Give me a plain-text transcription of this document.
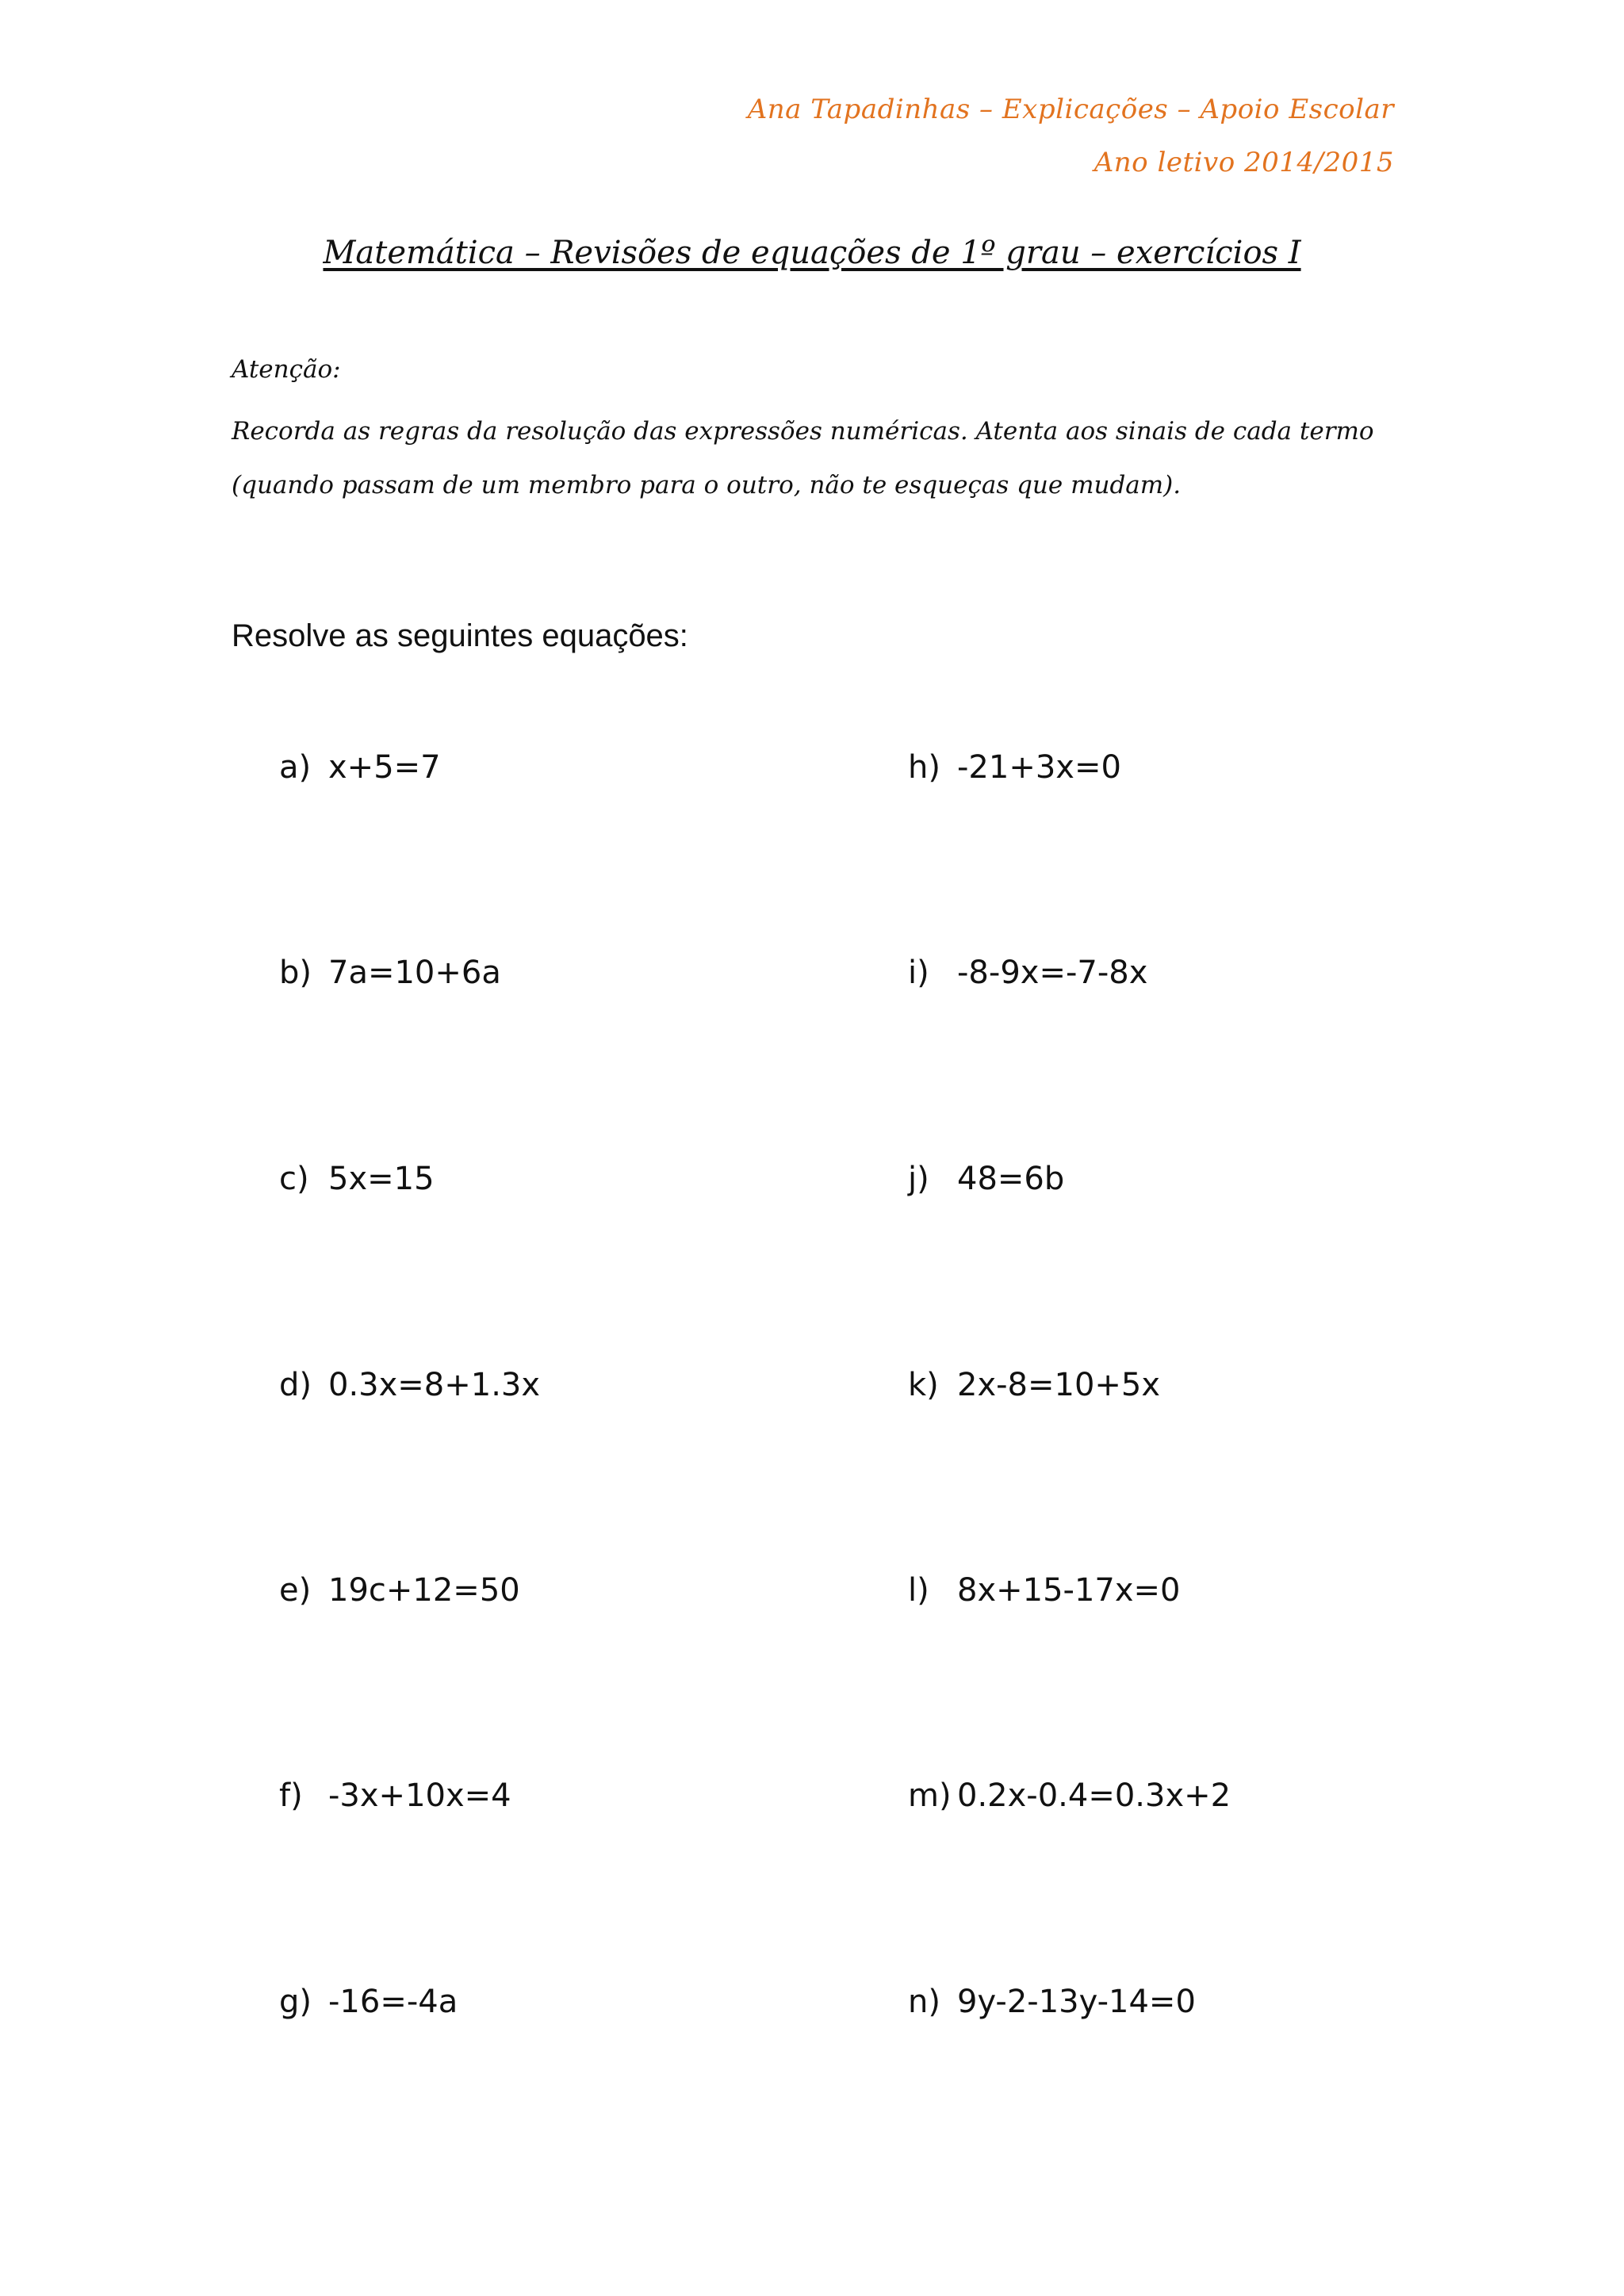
Ana Tapadinhas – Explicações – Apoio Escolar
Ano letivo 2014/2015
Matemática – Revisões de equações de 1º grau – exercícios I
Atenção:
Recorda as regras da resolução das expressões numéricas. Atenta aos sinais de cada termo (quando passam de um membro para o outro, não te esqueças que mudam).
Resolve as seguintes equações:
a) x+5=7
b) 7a=10+6a
c) 5x=15
d) 0.3x=8+1.3x
e) 19c+12=50
f) -3x+10x=4
g) -16=-4a
h) -21+3x=0
i) -8-9x=-7-8x
j) 48=6b
k) 2x-8=10+5x
l) 8x+15-17x=0
m) 0.2x-0.4=0.3x+2
n) 9y-2-13y-14=0
